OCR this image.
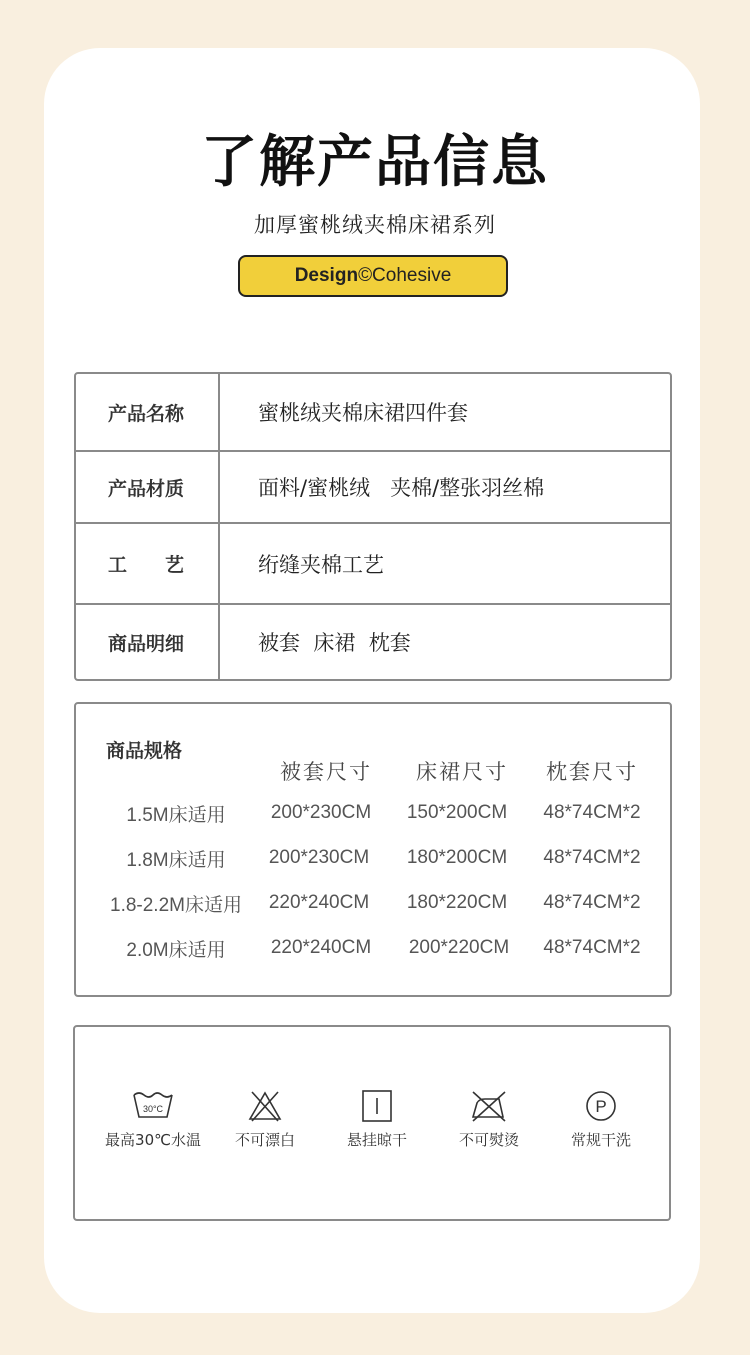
了解产品信息
加厚蜜桃绒夹棉床裙系列
Design©Cohesive
产品名称	蜜桃绒夹棉床裙四件套
产品材质	面料/蜜桃绒   夹棉/整张羽丝棉
工艺 绗缝夹棉工艺
商品明细	被套  床裙  枕套
商品规格
被套尺寸	床裙尺寸	枕套尺寸
1.5M床适用	200*230CM	150*200CM	48*74CM*2
1.8M床适用	200*230CM	180*200CM	48*74CM*2
1.8-2.2M床适用	220*240CM	180*220CM	48*74CM*2
2.0M床适用	220*240CM	200*220CM	48*74CM*2
30°C
最高30℃水温	不可漂白	悬挂晾干	不可熨烫
P
常规干洗
